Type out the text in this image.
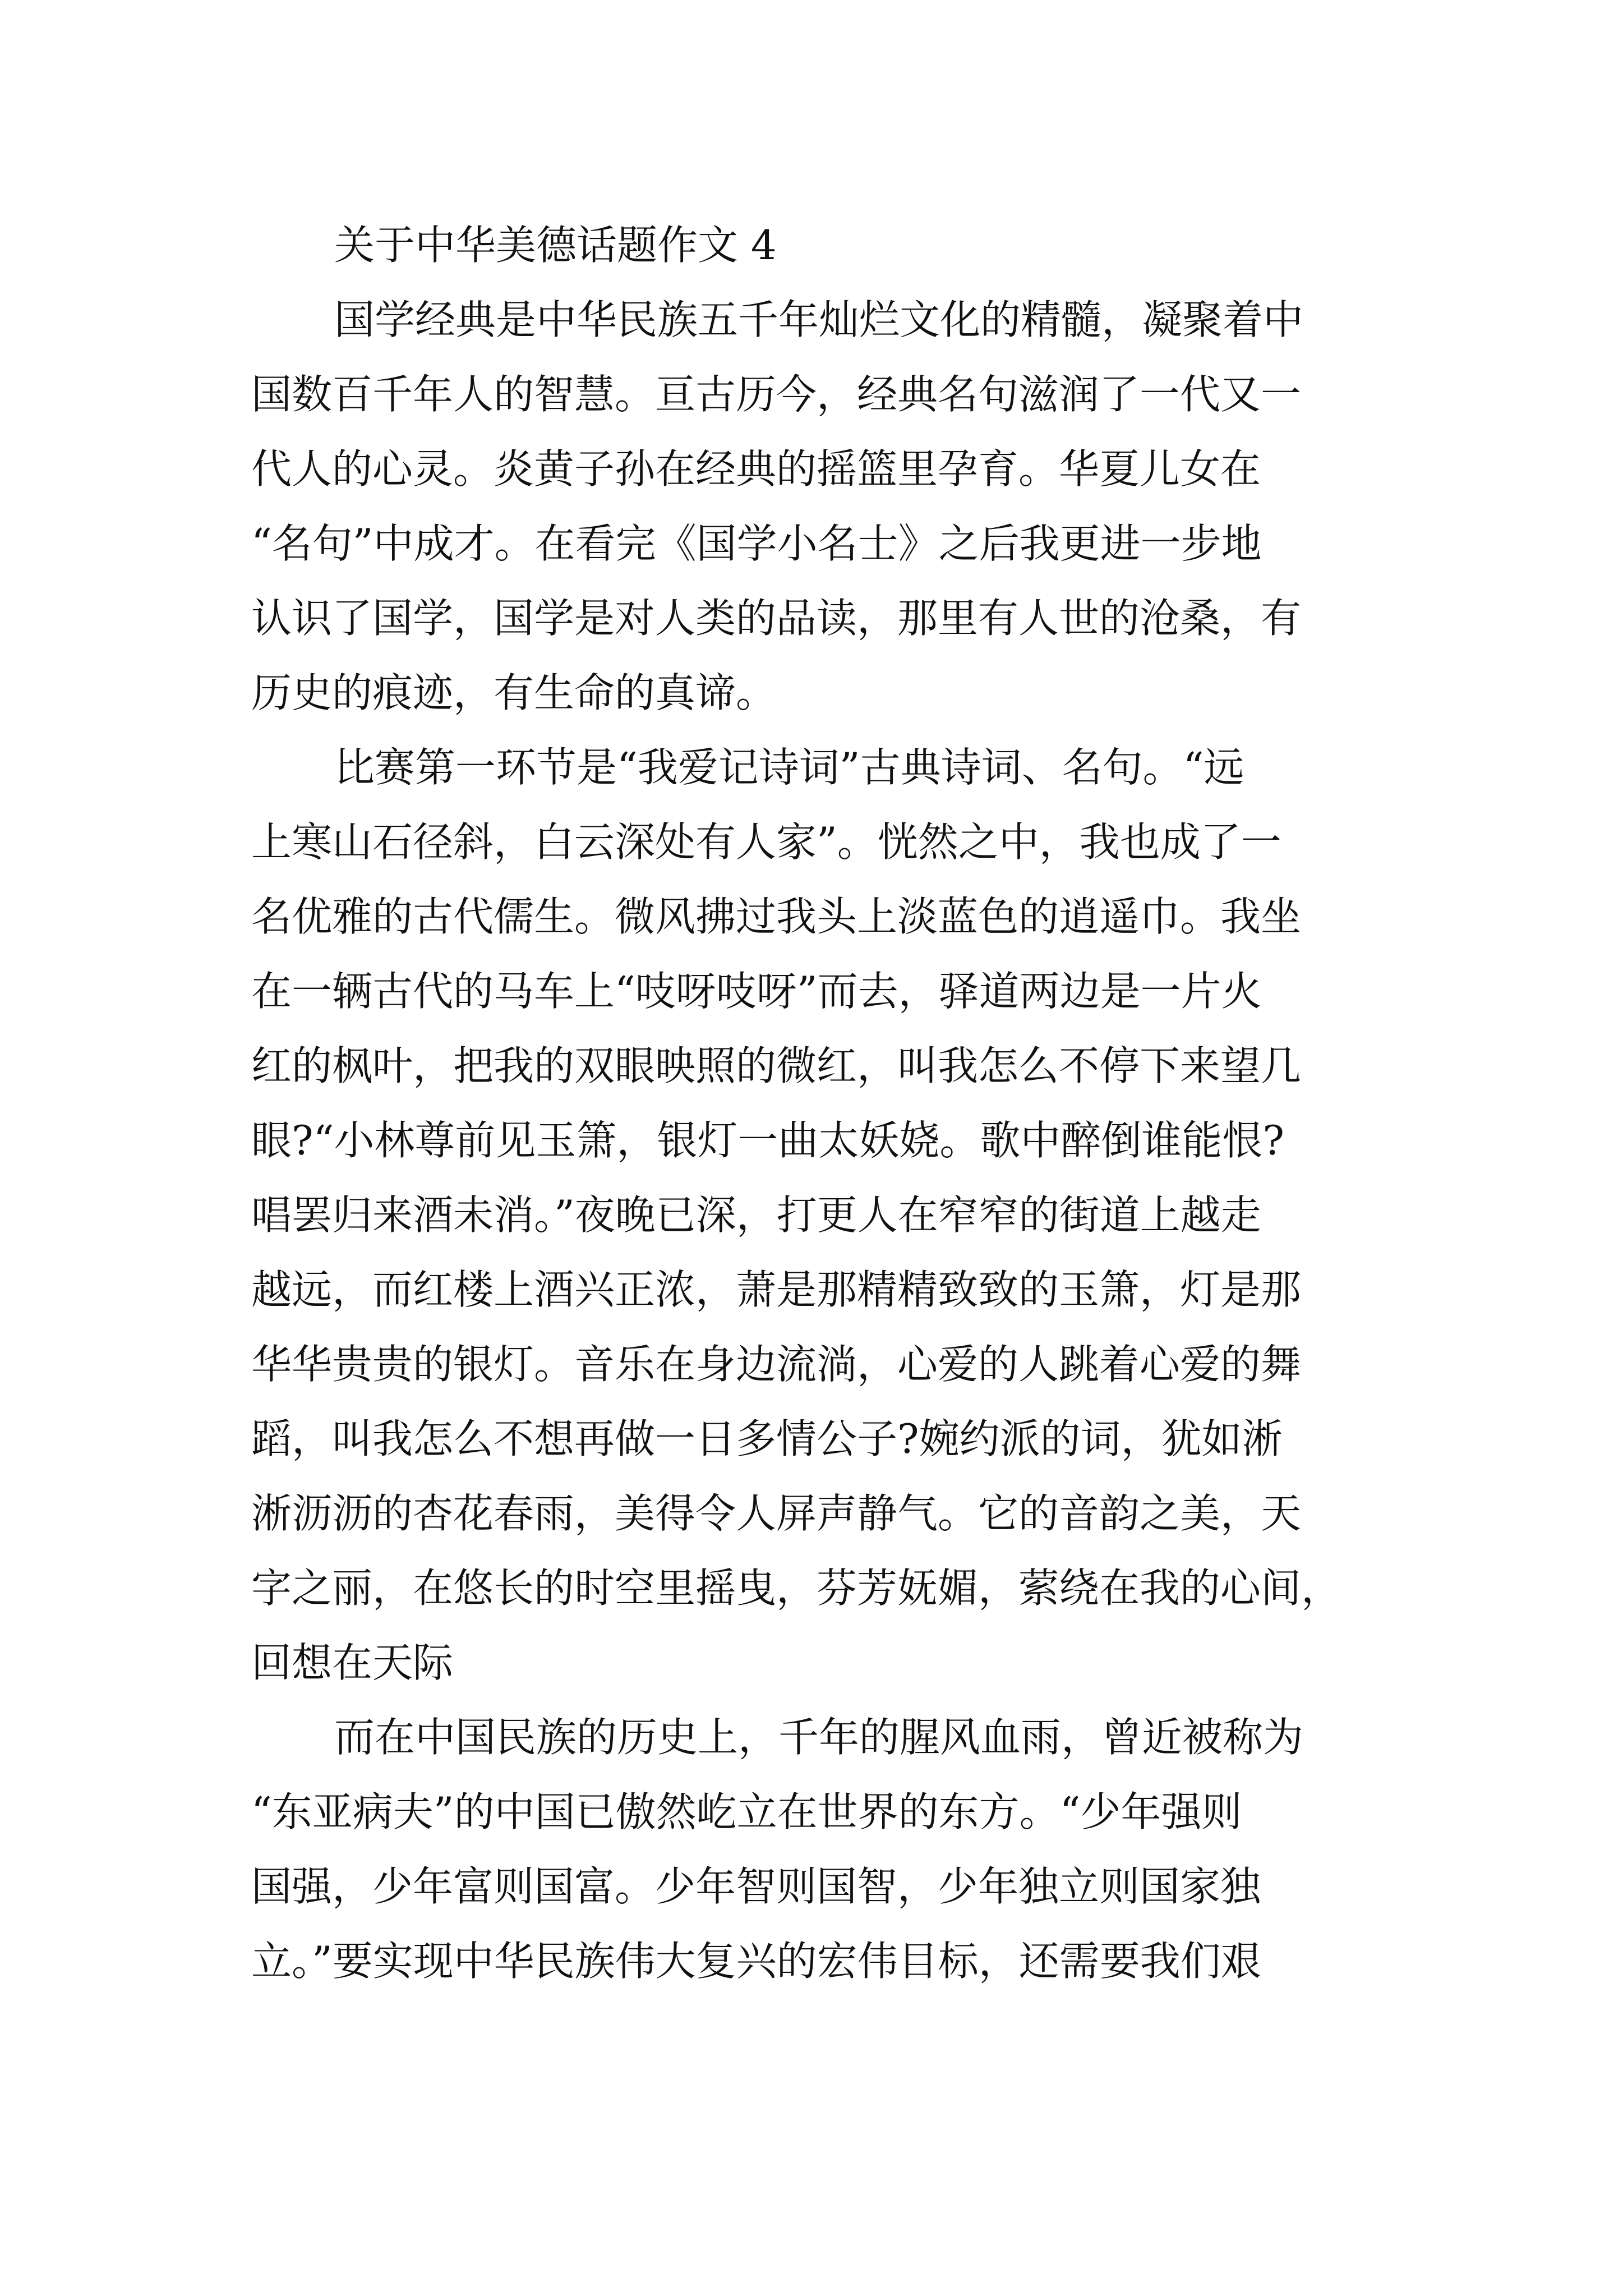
关于中华美德话题作文 4
国学经典是中华民族五千年灿烂文化的精髓，凝聚着中
国数百千年人的智慧。亘古历今，经典名句滋润了一代又一
代人的心灵。炎黄子孙在经典的摇篮里孕育。华夏儿女在
“名句”中成才。在看完《国学小名士》之后我更进一步地
认识了国学，国学是对人类的品读，那里有人世的沧桑，有
历史的痕迹，有生命的真谛。
比赛第一环节是“我爱记诗词”古典诗词、名句。“远
上寒山石径斜，白云深处有人家”。恍然之中，我也成了一
名优雅的古代儒生。微风拂过我头上淡蓝色的逍遥巾。我坐
在一辆古代的马车上“吱呀吱呀”而去，驿道两边是一片火
红的枫叶，把我的双眼映照的微红，叫我怎么不停下来望几
眼?“小林尊前见玉箫，银灯一曲太妖娆。歌中醉倒谁能恨?
唱罢归来酒未消。”夜晚已深，打更人在窄窄的街道上越走
越远，而红楼上酒兴正浓，萧是那精精致致的玉箫，灯是那
华华贵贵的银灯。音乐在身边流淌，心爱的人跳着心爱的舞
蹈，叫我怎么不想再做一日多情公子?婉约派的词，犹如淅
淅沥沥的杏花春雨，美得令人屏声静气。它的音韵之美，天
字之丽，在悠长的时空里摇曳，芬芳妩媚，萦绕在我的心间，
回想在天际
而在中国民族的历史上，千年的腥风血雨，曾近被称为
“东亚病夫”的中国已傲然屹立在世界的东方。“少年强则
国强，少年富则国富。少年智则国智，少年独立则国家独
立。”要实现中华民族伟大复兴的宏伟目标，还需要我们艰
